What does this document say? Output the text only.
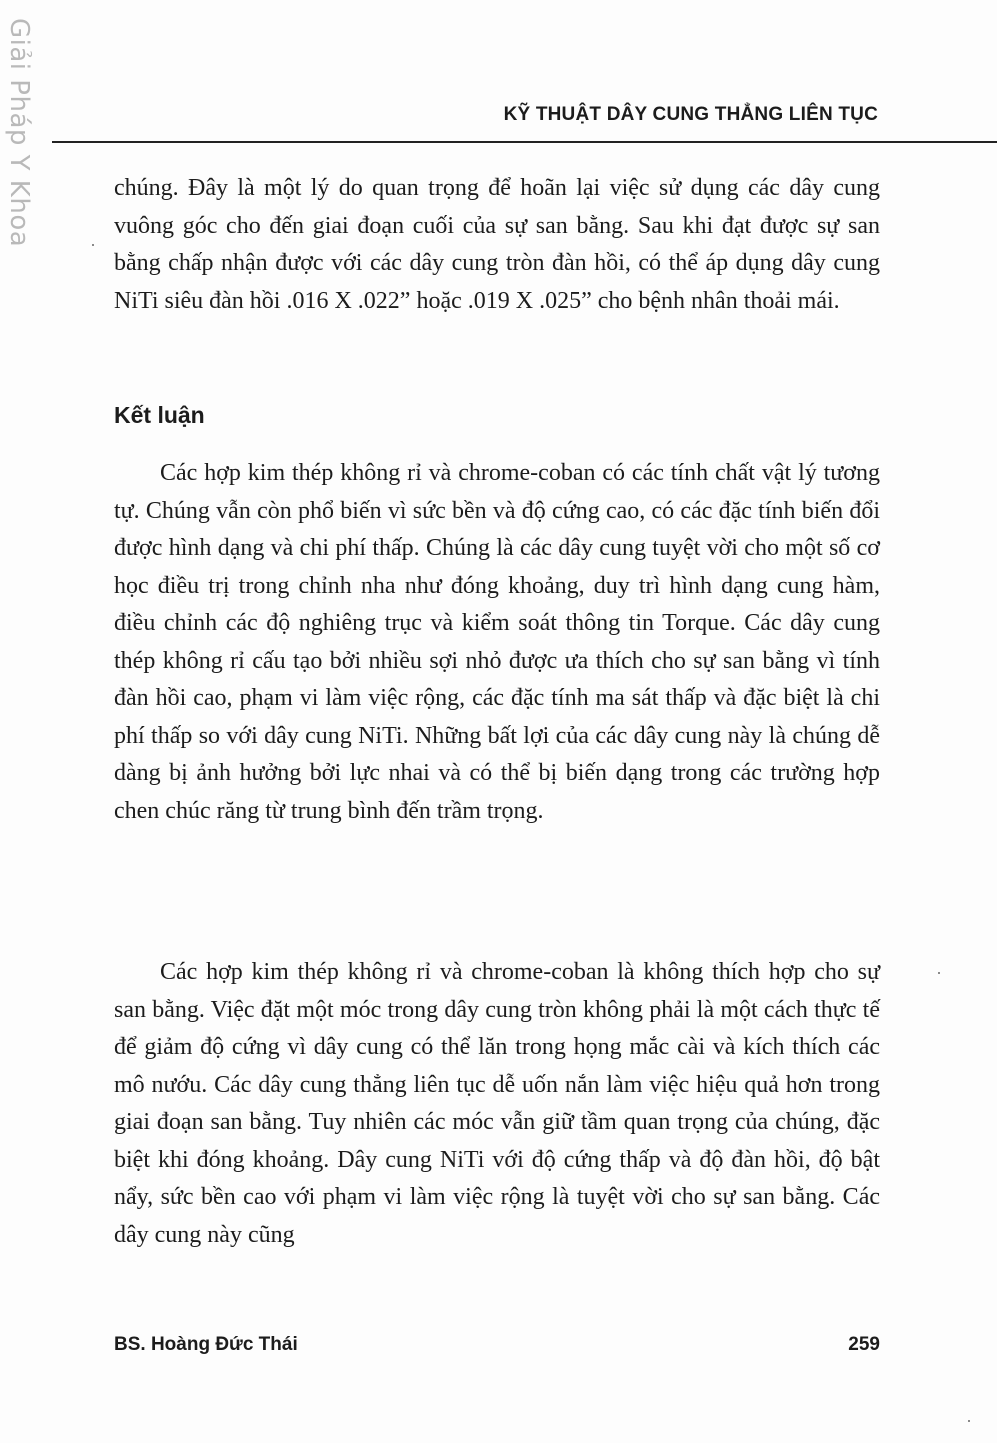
Giải Pháp Y Khoa	KỸ THUẬT DÂY CUNG THẲNG LIÊN TỤC

chúng. Đây là một lý do quan trọng để hoãn lại việc sử dụng các dây cung vuông góc cho đến giai đoạn cuối của sự san bằng. Sau khi đạt được sự san bằng chấp nhận được với các dây cung tròn đàn hồi, có thể áp dụng dây cung NiTi siêu đàn hồi .016 X .022” hoặc .019 X .025” cho bệnh nhân thoải mái.

Kết luận

Các hợp kim thép không rỉ và chrome-coban có các tính chất vật lý tương tự. Chúng vẫn còn phổ biến vì sức bền và độ cứng cao, có các đặc tính biến đổi được hình dạng và chi phí thấp. Chúng là các dây cung tuyệt vời cho một số cơ học điều trị trong chỉnh nha như đóng khoảng, duy trì hình dạng cung hàm, điều chỉnh các độ nghiêng trục và kiểm soát thông tin Torque. Các dây cung thép không rỉ cấu tạo bởi nhiều sợi nhỏ được ưa thích cho sự san bằng vì tính đàn hồi cao, phạm vi làm việc rộng, các đặc tính ma sát thấp và đặc biệt là chi phí thấp so với dây cung NiTi. Những bất lợi của các dây cung này là chúng dễ dàng bị ảnh hưởng bởi lực nhai và có thể bị biến dạng trong các trường hợp chen chúc răng từ trung bình đến trầm trọng.

Các hợp kim thép không rỉ và chrome-coban là không thích hợp cho sự san bằng. Việc đặt một móc trong dây cung tròn không phải là một cách thực tế để giảm độ cứng vì dây cung có thể lăn trong họng mắc cài và kích thích các mô nướu. Các dây cung thẳng liên tục dễ uốn nắn làm việc hiệu quả hơn trong giai đoạn san bằng. Tuy nhiên các móc vẫn giữ tầm quan trọng của chúng, đặc biệt khi đóng khoảng. Dây cung NiTi với độ cứng thấp và độ đàn hồi, độ bật nẩy, sức bền cao với phạm vi làm việc rộng là tuyệt vời cho sự san bằng. Các dây cung này cũng

BS. Hoàng Đức Thái	259
